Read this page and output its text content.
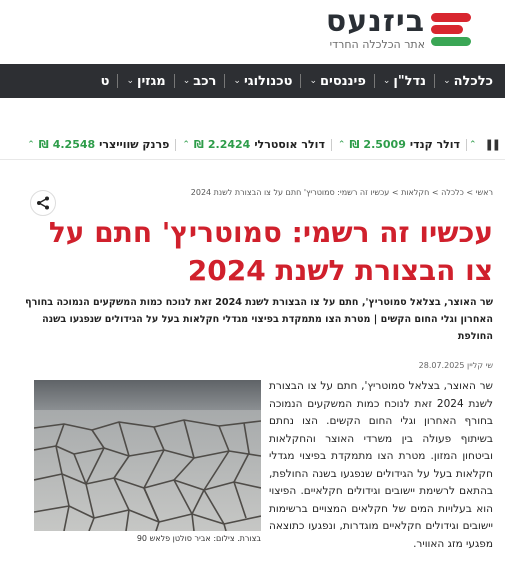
ביזנעס
אתר הכלכלה החרדי
כלכלה
⌄
נדל"ן
⌄
פיננסים
⌄
טכנולוגי
⌄
רכב
⌄
מגזין
⌄
ט
❚❚
⌃
דולר קנדי
2.5009
₪
⌃
דולר אוסטרלי
2.2424
₪
⌃
פרנק שווייצרי
4.2548
₪
⌃
ראשי > כלכלה > חקלאות > עכשיו זה רשמי: סמוטריץ' חתם על צו הבצורת לשנת 2024
עכשיו זה רשמי: סמוטריץ' חתם על צו הבצורת לשנת 2024

שר האוצר, בצלאל סמוטריץ', חתם על צו הבצורת לשנת 2024 זאת לנוכח כמות המשקעים הנמוכה בחורף האחרון וגלי החום הקשים | מטרת הצו מתמקדת בפיצוי מגדלי חקלאות בעל על הגידולים שנפגעו בשנה החולפת

שי קליין 28.07.2025

שר האוצר, בצלאל סמוטריץ', חתם על צו הבצורת לשנת 2024 זאת לנוכח כמות המשקעים הנמוכה בחורף האחרון וגלי החום הקשים. הצו נחתם בשיתוף פעולה בין משרדי האוצר והחקלאות וביטחון המזון. מטרת הצו מתמקדת בפיצוי מגדלי חקלאות בעל על הגידולים שנפגעו בשנה החולפת, בהתאם לרשימת יישובים וגידולים חקלאיים. הפיצוי הוא בעלויות המים של חקלאים המצויים ברשימות יישובים וגידולים חקלאיים מוגדרות, ונפגעו כתוצאה מפגעי מזג האוויר.

בצורת. צילום: אביר סולטן פלאש 90
